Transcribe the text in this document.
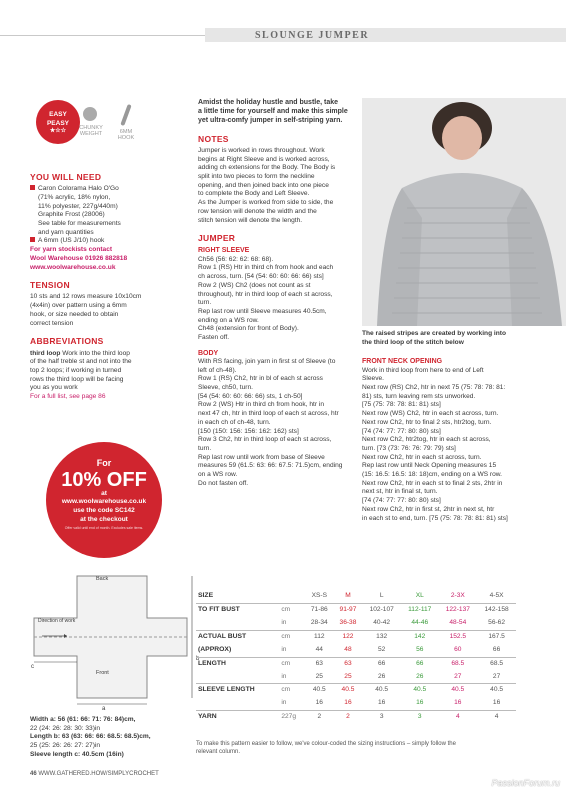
SLOUNGE JUMPER
EASY
PEASY
★☆☆
CHUNKY
WEIGHT	6MM
HOOK
YOU WILL NEED

Caron Colorama Halo O'Go

(71% acrylic, 18% nylon,

11% polyester, 227g/440m)

Graphite Frost (28006)

See table for measurements

and yarn quantities

A 6mm (US J/10) hook

For yarn stockists contact

Wool Warehouse 01926 882818

www.woolwarehouse.co.uk

TENSION

10 sts and 12 rows measure 10x10cm

(4x4in) over pattern using a 6mm

hook, or size needed to obtain

correct tension

ABBREVIATIONS

third loop Work into the third loop

of the half treble st and not into the

top 2 loops; if working in turned

rows the third loop will be facing

you as you work

For a full list, see page 86

For
10% OFF
at
www.woolwarehouse.co.uk
use the code SC142
at the checkout
Offer valid until end of month. Excludes sale items.

Amidst the holiday hustle and bustle, take

a little time for yourself and make this simple

yet ultra-comfy jumper in self-striping yarn.

NOTES

Jumper is worked in rows throughout. Work

begins at Right Sleeve and is worked across,

adding ch extensions for the Body. The Body is

split into two pieces to form the neckline

opening, and then joined back into one piece

to complete the Body and Left Sleeve.

As the Jumper is worked from side to side, the

row tension will denote the width and the

stitch tension will denote the length.

JUMPER
RIGHT SLEEVE

Ch56 (56: 62: 62: 68: 68).

Row 1 (RS) Htr in third ch from hook and each

ch across, turn. [54 (54: 60: 60: 66: 66) sts]

Row 2 (WS) Ch2 (does not count as st

throughout), htr in third loop of each st across,

turn.

Rep last row until Sleeve measures 40.5cm,

ending on a WS row.

Ch48 (extension for front of Body).

Fasten off.

BODY

With RS facing, join yarn in first st of Sleeve (to

left of ch-48).

Row 1 (RS) Ch2, htr in bl of each st across

Sleeve, ch50, turn.

[54 (54: 60: 60: 66: 66) sts, 1 ch-50]

Row 2 (WS) Htr in third ch from hook, htr in

next 47 ch, htr in third loop of each st across, htr

in each ch of ch-48, turn.

[150 (150: 156: 156: 162: 162) sts]

Row 3 Ch2, htr in third loop of each st across,

turn.

Rep last row until work from base of Sleeve

measures 59 (61.5: 63: 66: 67.5: 71.5)cm, ending

on a WS row.

Do not fasten off.

The raised stripes are created by working into

the third loop of the stitch below

FRONT NECK OPENING

Work in third loop from here to end of Left

Sleeve.

Next row (RS) Ch2, htr in next 75 (75: 78: 78: 81:

81) sts, turn leaving rem sts unworked.

[75 (75: 78: 78: 81: 81) sts]

Next row (WS) Ch2, htr in each st across, turn.

Next row Ch2, htr to final 2 sts, htr2tog, turn.

[74 (74: 77: 77: 80: 80) sts]

Next row Ch2, htr2tog, htr in each st across,

turn. [73 (73: 76: 76: 79: 79) sts]

Next row Ch2, htr in each st across, turn.

Rep last row until Neck Opening measures 15

(15: 16.5: 16.5: 18: 18)cm, ending on a WS row.

Next row Ch2, htr in each st to final 2 sts, 2htr in

next st, htr in final st, turn.

[74 (74: 77: 77: 80: 80) sts]

Next row Ch2, htr in first st, 2htr in next st, htr

in each st to end, turn. [75 (75: 78: 78: 81: 81) sts]

Back
Front
Direction of work
a
b
c

Width a: 56 (61: 66: 71: 76: 84)cm,

22 (24: 26: 28: 30: 33)in

Length b: 63 (63: 66: 66: 68.5: 68.5)cm,

25 (25: 26: 26: 27: 27)in

Sleeve length c: 40.5cm (16in)

SIZE		XS-S	M	L	XL	2-3X	4-5X
TO FIT BUST	cm	71-86	91-97	102-107	112-117	122-137	142-158
	in	28-34	36-38	40-42	44-46	48-54	56-62
ACTUAL BUST	cm	112	122	132	142	152.5	167.5
(APPROX)	in	44	48	52	56	60	66
LENGTH	cm	63	63	66	66	68.5	68.5
	in	25	25	26	26	27	27
SLEEVE LENGTH	cm	40.5	40.5	40.5	40.5	40.5	40.5
	in	16	16	16	16	16	16
YARN	227g	2	2	3	3	4	4

To make this pattern easier to follow, we've colour-coded the sizing instructions – simply follow the

relevant column.

46 WWW.GATHERED.HOW/SIMPLYCROCHET
PassionForum.ru
